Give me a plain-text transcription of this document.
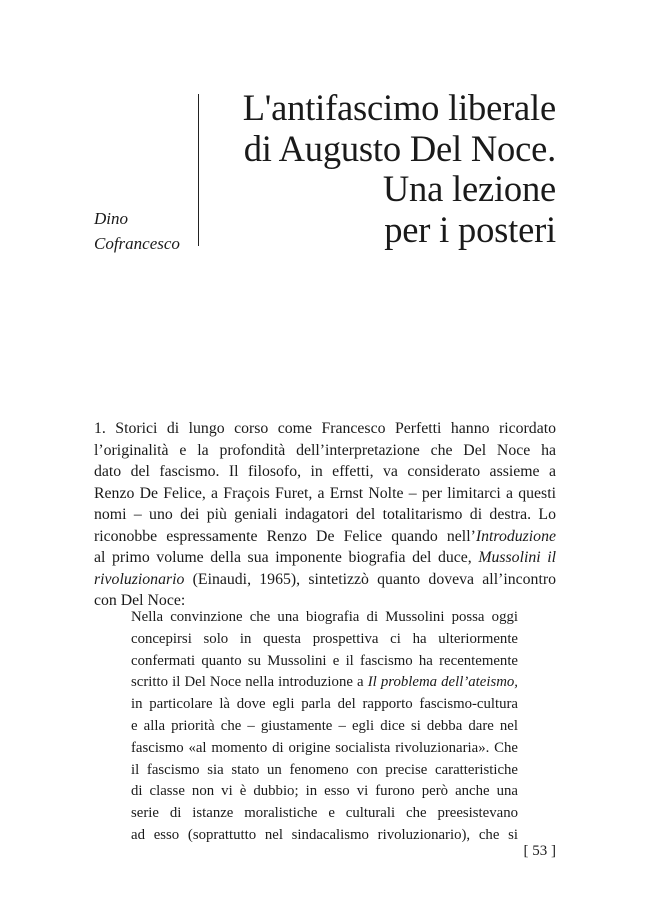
Dino
Cofrancesco
L'antifascimo liberale
di Augusto Del Noce.
Una lezione
per i posteri
1. Storici di lungo corso come Francesco Perfetti hanno ricordato
l’originalità e la profondità dell’interpretazione che Del Noce ha
dato del fascismo. Il filosofo, in effetti, va considerato assieme a
Renzo De Felice, a Fraçois Furet, a Ernst Nolte – per limitarci a questi
nomi – uno dei più geniali indagatori del totalitarismo di destra. Lo
riconobbe espressamente Renzo De Felice quando nell’Introduzione
al primo volume della sua imponente biografia del duce, Mussolini il
rivoluzionario (Einaudi, 1965), sintetizzò quanto doveva all’incontro
con Del Noce:
Nella convinzione che una biografia di Mussolini possa oggi
concepirsi solo in questa prospettiva ci ha ulteriormente
confermati quanto su Mussolini e il fascismo ha recentemente
scritto il Del Noce nella introduzione a Il problema dell’ateismo,
in particolare là dove egli parla del rapporto fascismo-cultura
e alla priorità che – giustamente – egli dice si debba dare nel
fascismo «al momento di origine socialista rivoluzionaria». Che
il fascismo sia stato un fenomeno con precise caratteristiche
di classe non vi è dubbio; in esso vi furono però anche una
serie di istanze moralistiche e culturali che preesistevano
ad esso (soprattutto nel sindacalismo rivoluzionario), che si
[ 53 ]
